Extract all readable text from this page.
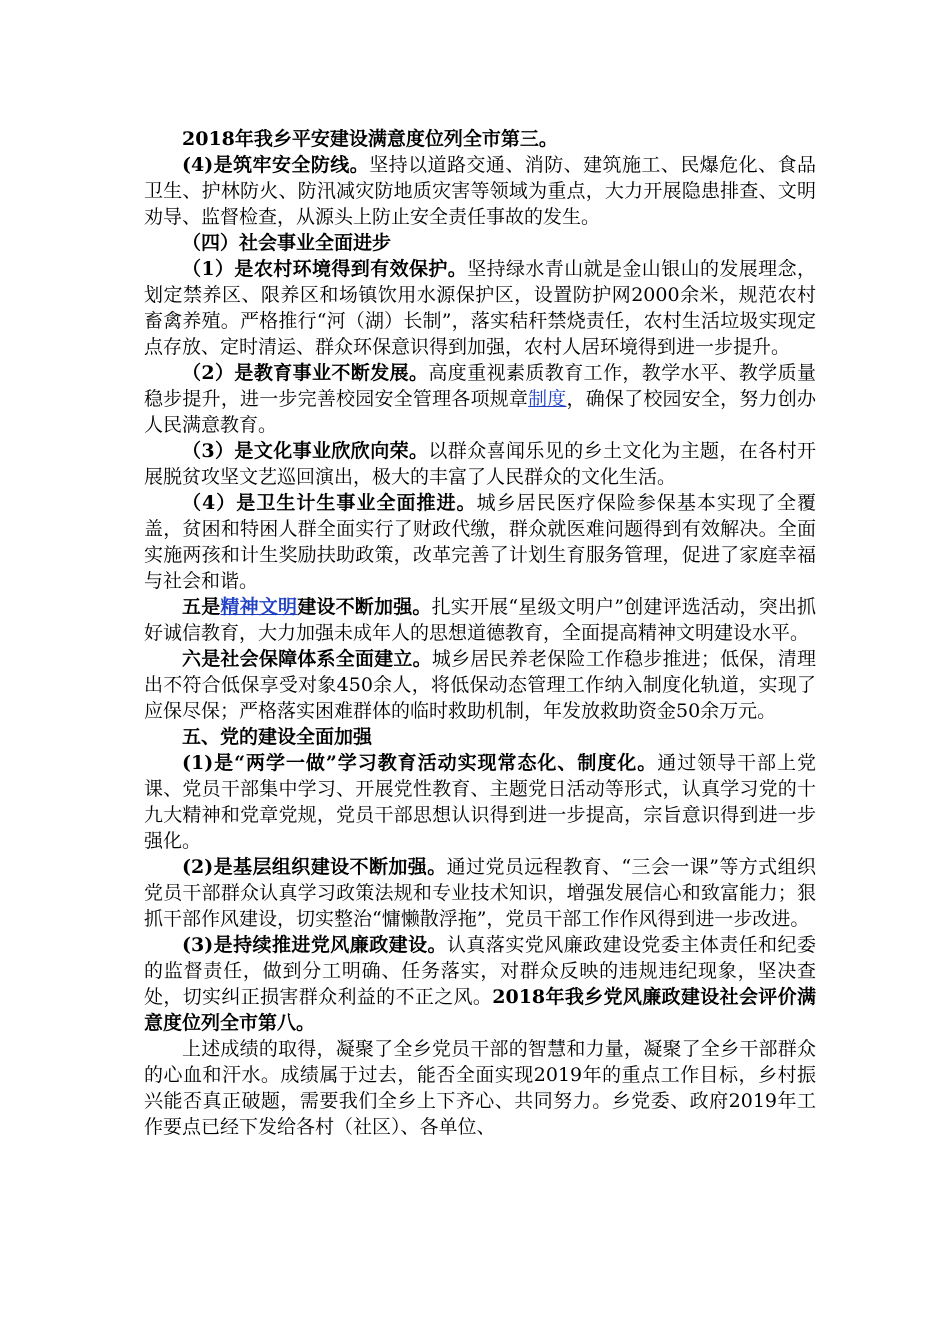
2018年我乡平安建设满意度位列全市第三。

(4)是筑牢安全防线。坚持以道路交通、消防、建筑施工、民爆危化、食品卫生、护林防火、防汛减灾防地质灾害等领域为重点，大力开展隐患排查、文明劝导、监督检查，从源头上防止安全责任事故的发生。

（四）社会事业全面进步

（1）是农村环境得到有效保护。坚持绿水青山就是金山银山的发展理念，划定禁养区、限养区和场镇饮用水源保护区，设置防护网2000余米，规范农村畜禽养殖。严格推行“河（湖）长制”，落实秸秆禁烧责任，农村生活垃圾实现定点存放、定时清运、群众环保意识得到加强，农村人居环境得到进一步提升。

（2）是教育事业不断发展。高度重视素质教育工作，教学水平、教学质量稳步提升，进一步完善校园安全管理各项规章制度，确保了校园安全，努力创办人民满意教育。

（3）是文化事业欣欣向荣。以群众喜闻乐见的乡土文化为主题，在各村开展脱贫攻坚文艺巡回演出，极大的丰富了人民群众的文化生活。

（4）是卫生计生事业全面推进。城乡居民医疗保险参保基本实现了全覆盖，贫困和特困人群全面实行了财政代缴，群众就医难问题得到有效解决。全面实施两孩和计生奖励扶助政策，改革完善了计划生育服务管理，促进了家庭幸福与社会和谐。

五是精神文明建设不断加强。扎实开展“星级文明户”创建评选活动，突出抓好诚信教育，大力加强未成年人的思想道德教育，全面提高精神文明建设水平。

六是社会保障体系全面建立。城乡居民养老保险工作稳步推进；低保，清理出不符合低保享受对象450余人，将低保动态管理工作纳入制度化轨道，实现了应保尽保；严格落实困难群体的临时救助机制，年发放救助资金50余万元。

五、党的建设全面加强

(1)是“两学一做”学习教育活动实现常态化、制度化。通过领导干部上党课、党员干部集中学习、开展党性教育、主题党日活动等形式，认真学习党的十九大精神和党章党规，党员干部思想认识得到进一步提高，宗旨意识得到进一步强化。

(2)是基层组织建设不断加强。通过党员远程教育、“三会一课”等方式组织党员干部群众认真学习政策法规和专业技术知识，增强发展信心和致富能力；狠抓干部作风建设，切实整治“慵懒散浮拖”，党员干部工作作风得到进一步改进。

(3)是持续推进党风廉政建设。认真落实党风廉政建设党委主体责任和纪委的监督责任，做到分工明确、任务落实，对群众反映的违规违纪现象，坚决查处，切实纠正损害群众利益的不正之风。2018年我乡党风廉政建设社会评价满意度位列全市第八。

上述成绩的取得，凝聚了全乡党员干部的智慧和力量，凝聚了全乡干部群众的心血和汗水。成绩属于过去，能否全面实现2019年的重点工作目标，乡村振兴能否真正破题，需要我们全乡上下齐心、共同努力。乡党委、政府2019年工作要点已经下发给各村（社区）、各单位、
